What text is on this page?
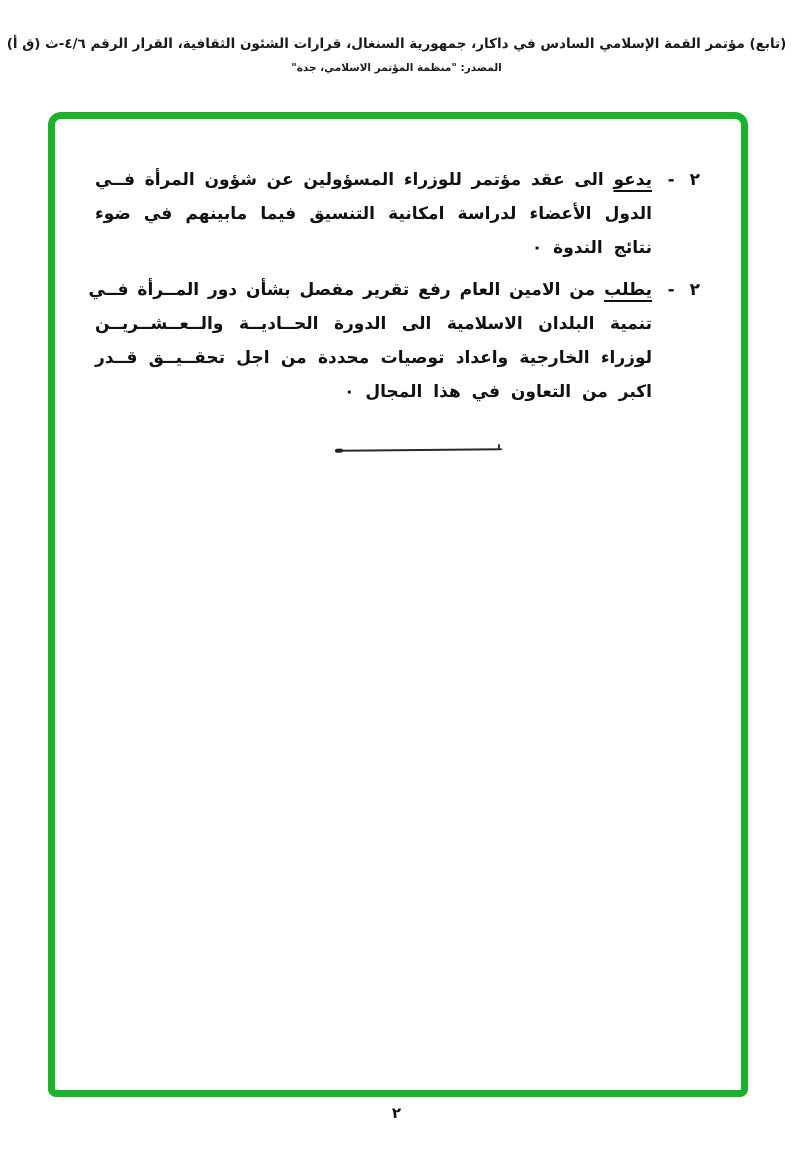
(تابع) مؤتمر القمة الإسلامي السادس في داكار، جمهورية السنغال، قرارات الشئون الثقافية، القرار الرقم ٤/٦-ث (ق أ)
المصدر: "منظمة المؤتمر الاسلامي، جدة"
٢ -
يدعو الى عقد مؤتمر للوزراء المسؤولين عن شؤون المرأة فــي
الدول الأعضاء لدراسة امكانية التنسيق فيما مابينهم في ضوء
نتائج الندوة ٠
٢ -
يطلب من الامين العام رفع تقرير مفصل بشأن دور المــرأة فــي
تنمية البلدان الاسلامية الى الدورة الحــاديــة والــعــشــريــن
لوزراء الخارجية واعداد توصيات محددة من اجل تحقــيــق قــدر
اكبر من التعاون في هذا المجال ٠
٢
